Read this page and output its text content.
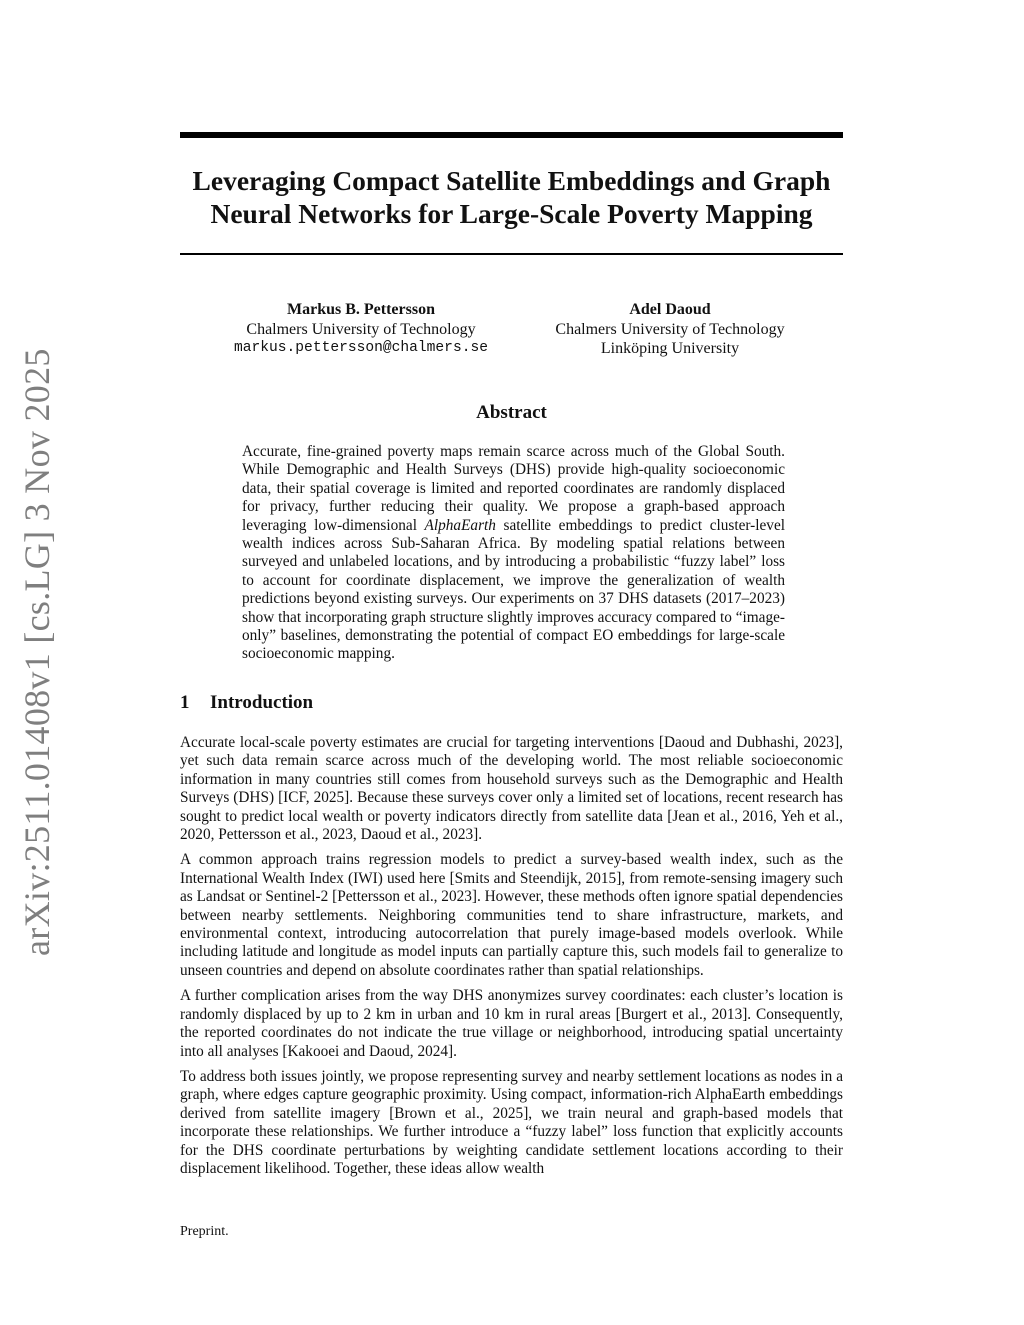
arXiv:2511.01408v1 [cs.LG] 3 Nov 2025
Leveraging Compact Satellite Embeddings and Graph Neural Networks for Large-Scale Poverty Mapping
Markus B. Pettersson
Chalmers University of Technology
markus.pettersson@chalmers.se
Adel Daoud
Chalmers University of Technology
Linköping University
Abstract

Accurate, fine-grained poverty maps remain scarce across much of the Global South. While Demographic and Health Surveys (DHS) provide high-quality socioeconomic data, their spatial coverage is limited and reported coordinates are randomly displaced for privacy, further reducing their quality. We propose a graph-based approach leveraging low-dimensional AlphaEarth satellite embeddings to predict cluster-level wealth indices across Sub-Saharan Africa. By modeling spatial relations between surveyed and unlabeled locations, and by introducing a probabilistic “fuzzy label” loss to account for coordinate displacement, we improve the generalization of wealth predictions beyond existing surveys. Our experiments on 37 DHS datasets (2017–2023) show that incorporating graph structure slightly improves accuracy compared to “image-only” baselines, demonstrating the potential of compact EO embeddings for large-scale socioeconomic mapping.

1 Introduction

Accurate local-scale poverty estimates are crucial for targeting interventions [Daoud and Dubhashi, 2023], yet such data remain scarce across much of the developing world. The most reliable socioeconomic information in many countries still comes from household surveys such as the Demographic and Health Surveys (DHS) [ICF, 2025]. Because these surveys cover only a limited set of locations, recent research has sought to predict local wealth or poverty indicators directly from satellite data [Jean et al., 2016, Yeh et al., 2020, Pettersson et al., 2023, Daoud et al., 2023].

A common approach trains regression models to predict a survey-based wealth index, such as the International Wealth Index (IWI) used here [Smits and Steendijk, 2015], from remote-sensing imagery such as Landsat or Sentinel-2 [Pettersson et al., 2023]. However, these methods often ignore spatial dependencies between nearby settlements. Neighboring communities tend to share infrastructure, markets, and environmental context, introducing autocorrelation that purely image-based models overlook. While including latitude and longitude as model inputs can partially capture this, such models fail to generalize to unseen countries and depend on absolute coordinates rather than spatial relationships.

A further complication arises from the way DHS anonymizes survey coordinates: each cluster’s location is randomly displaced by up to 2 km in urban and 10 km in rural areas [Burgert et al., 2013]. Consequently, the reported coordinates do not indicate the true village or neighborhood, introducing spatial uncertainty into all analyses [Kakooei and Daoud, 2024].

To address both issues jointly, we propose representing survey and nearby settlement locations as nodes in a graph, where edges capture geographic proximity. Using compact, information-rich AlphaEarth embeddings derived from satellite imagery [Brown et al., 2025], we train neural and graph-based models that incorporate these relationships. We further introduce a “fuzzy label” loss function that explicitly accounts for the DHS coordinate perturbations by weighting candidate settlement locations according to their displacement likelihood. Together, these ideas allow wealth

Preprint.
